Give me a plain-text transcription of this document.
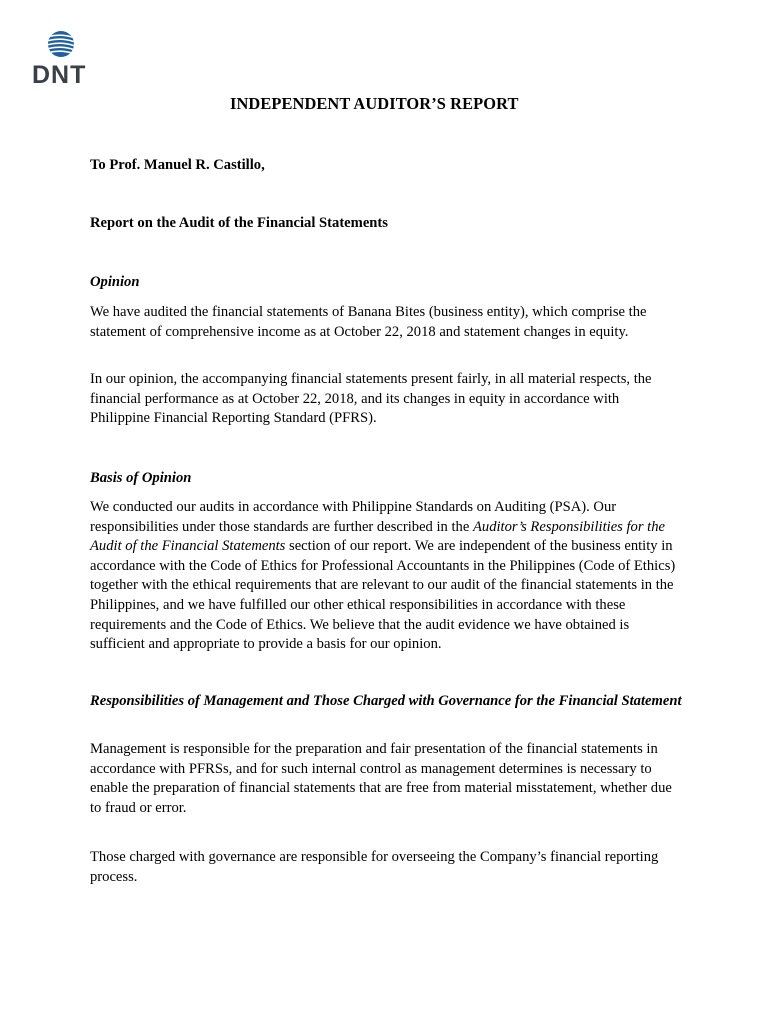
DNT
INDEPENDENT AUDITOR’S REPORT
To Prof. Manuel R. Castillo,
Report on the Audit of the Financial Statements
Opinion

We have audited the financial statements of Banana Bites (business entity), which comprise the statement of comprehensive income as at October 22, 2018 and statement changes in equity.

In our opinion, the accompanying financial statements present fairly, in all material respects, the financial performance as at October 22, 2018, and its changes in equity in accordance with Philippine Financial Reporting Standard (PFRS).

Basis of Opinion

We conducted our audits in accordance with Philippine Standards on Auditing (PSA). Our responsibilities under those standards are further described in the Auditor’s Responsibilities for the Audit of the Financial Statements section of our report. We are independent of the business entity in accordance with the Code of Ethics for Professional Accountants in the Philippines (Code of Ethics) together with the ethical requirements that are relevant to our audit of the financial statements in the Philippines, and we have fulfilled our other ethical responsibilities in accordance with these requirements and the Code of Ethics. We believe that the audit evidence we have obtained is sufficient and appropriate to provide a basis for our opinion.

Responsibilities of Management and Those Charged with Governance for the Financial Statement

Management is responsible for the preparation and fair presentation of the financial statements in accordance with PFRSs, and for such internal control as management determines is necessary to enable the preparation of financial statements that are free from material misstatement, whether due to fraud or error.

Those charged with governance are responsible for overseeing the Company’s financial reporting process.
